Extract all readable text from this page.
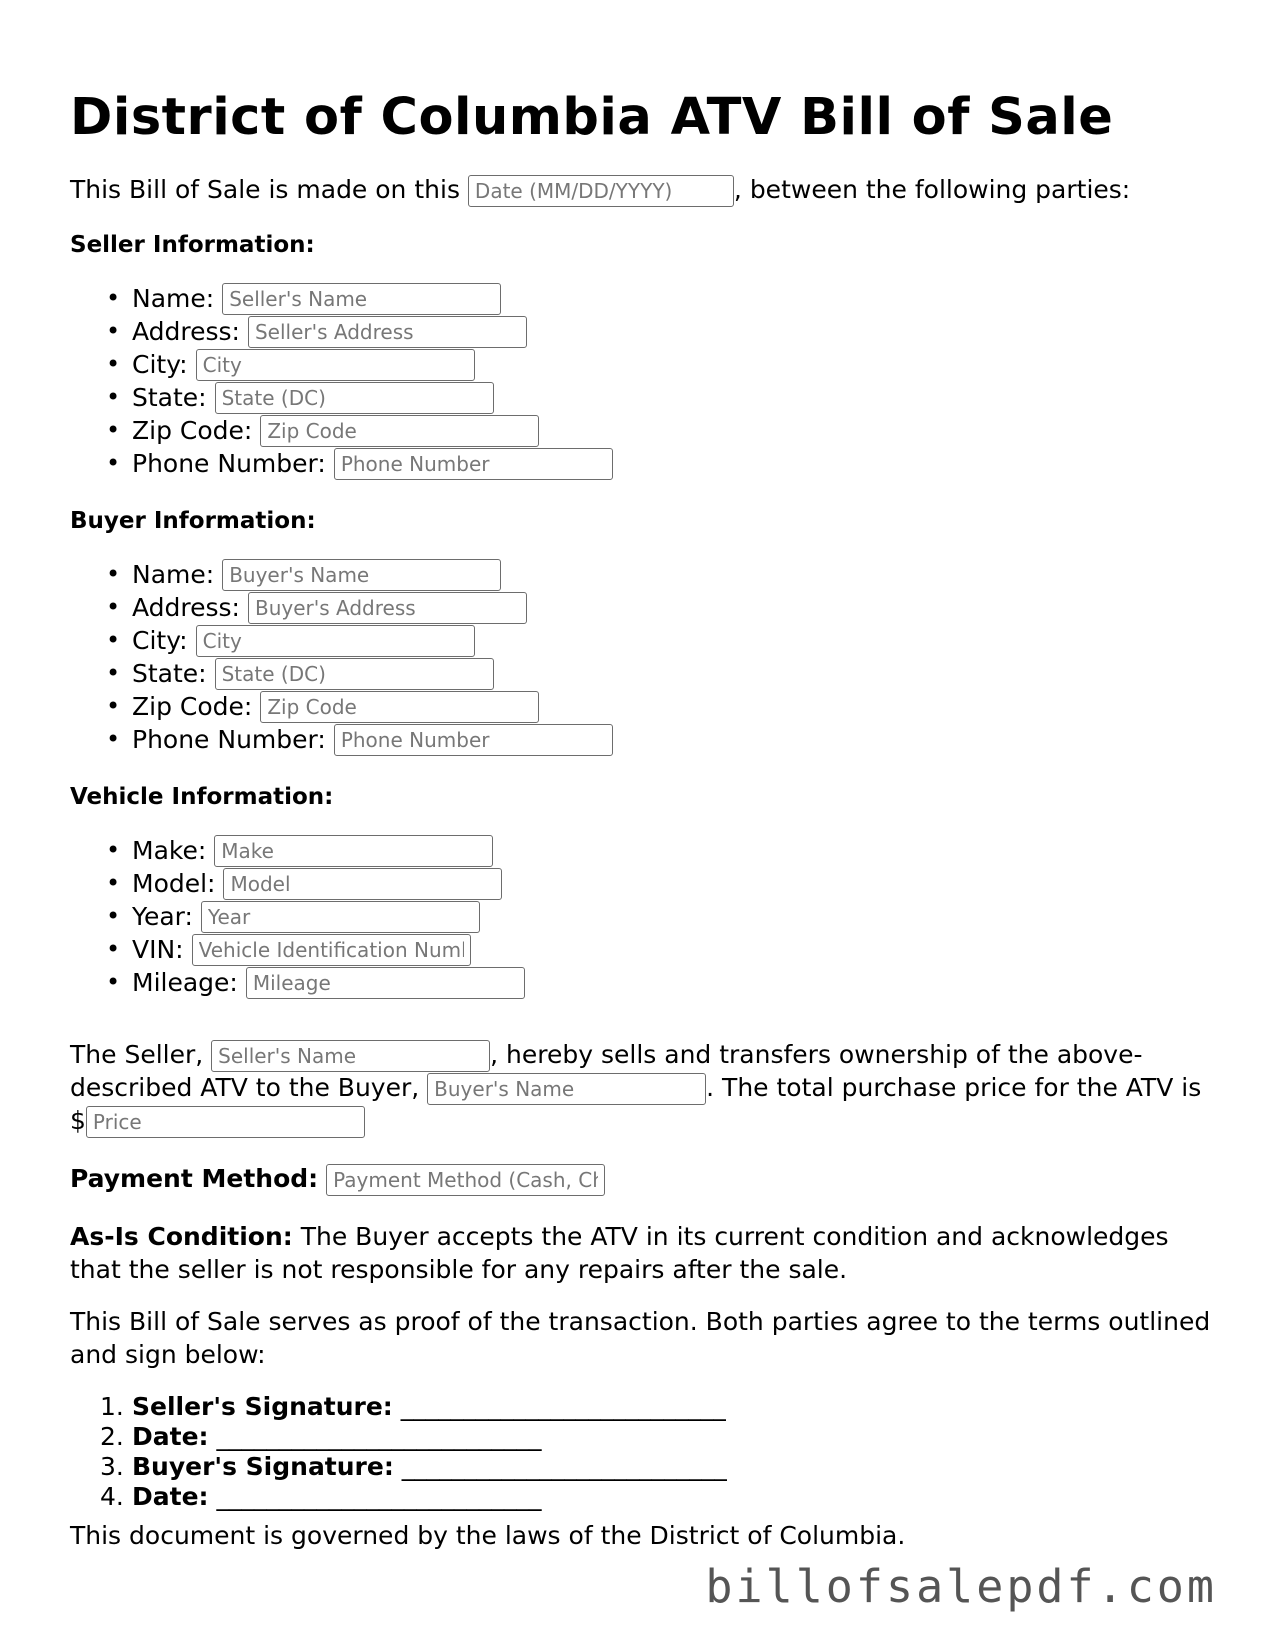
District of Columbia ATV Bill of Sale
This Bill of Sale is made on this Date (MM/DD/YYYY)	, between the following parties:
Seller Information:
• Name:Seller's Name
• Address:Seller's Address
• City:City
• State:State (DC)
• Zip Code:Zip Code
• Phone Number:Phone Number
Buyer Information:
• Name:Buyer's Name
• Address:Buyer's Address
• City:City
• State:State (DC)
• Zip Code:Zip Code
• Phone Number:Phone Number
Vehicle Information:
• Make:Make
• Model:Model
• Year:Year
• VIN:Vehicle Identification Number
• Mileage:Mileage
The Seller, Seller's Name	, hereby sells and transfers ownership of the above-
described ATV to the Buyer, Buyer's Name	. The total purchase price for the ATV is
$Price
Payment Method: Payment Method (Cash, Check, etc.)
As-Is Condition: The Buyer accepts the ATV in its current condition and acknowledges that the seller is not responsible for any repairs after the sale.
This Bill of Sale serves as proof of the transaction. Both parties agree to the terms outlined and sign below:
1. Seller's Signature: __________________________
2. Date: __________________________
3. Buyer's Signature: __________________________
4. Date: __________________________
This document is governed by the laws of the District of Columbia.
billofsalepdf.com
